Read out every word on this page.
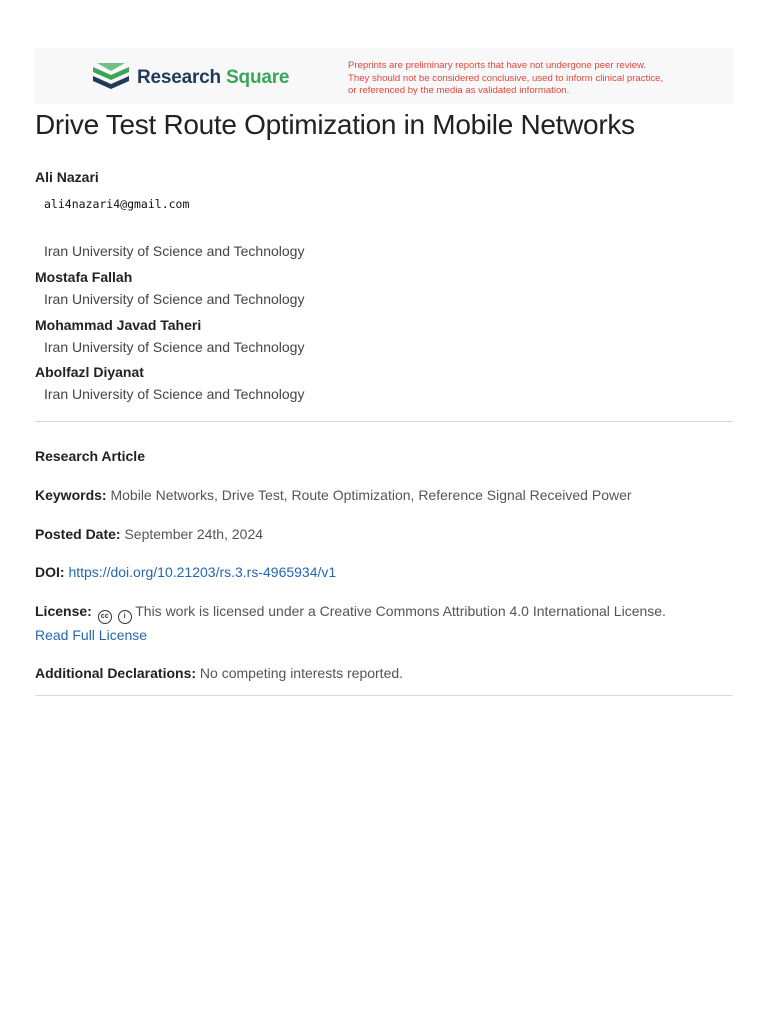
Research Square
Preprints are preliminary reports that have not undergone peer review.
They should not be considered conclusive, used to inform clinical practice,
or referenced by the media as validated information.
Drive Test Route Optimization in Mobile Networks
Ali Nazari
ali4nazari4@gmail.com
Iran University of Science and Technology
Mostafa Fallah
Iran University of Science and Technology
Mohammad Javad Taheri
Iran University of Science and Technology
Abolfazl Diyanat
Iran University of Science and Technology
Research Article
Keywords: Mobile Networks, Drive Test, Route Optimization, Reference Signal Received Power
Posted Date: September 24th, 2024
DOI: https://doi.org/10.21203/rs.3.rs-4965934/v1
License: cc i This work is licensed under a Creative Commons Attribution 4.0 International License.
Read Full License
Additional Declarations: No competing interests reported.
